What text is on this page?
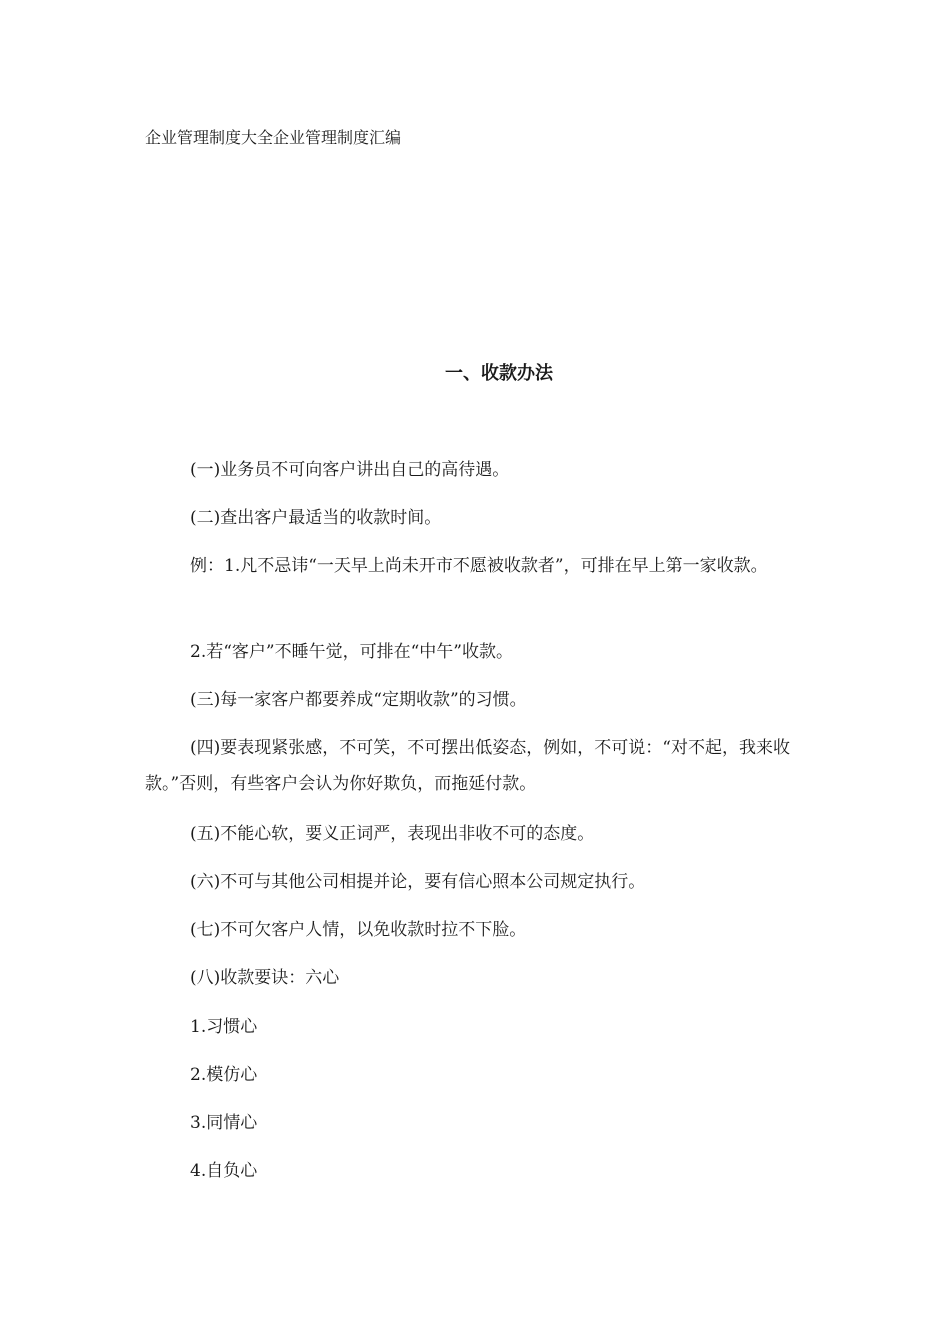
企业管理制度大全企业管理制度汇编
一、收款办法

(一)业务员不可向客户讲出自己的高待遇。

(二)查出客户最适当的收款时间。

例：1.凡不忌讳“一天早上尚未开市不愿被收款者”，可排在早上第一家收款。

2.若“客户”不睡午觉，可排在“中午”收款。

(三)每一家客户都要养成“定期收款”的习惯。

(四)要表现紧张感，不可笑，不可摆出低姿态，例如，不可说：“对不起，我来收款。”否则，有些客户会认为你好欺负，而拖延付款。

(五)不能心软，要义正词严，表现出非收不可的态度。

(六)不可与其他公司相提并论，要有信心照本公司规定执行。

(七)不可欠客户人情，以免收款时拉不下脸。

(八)收款要诀：六心

1.习惯心

2.模仿心

3.同情心

4.自负心
